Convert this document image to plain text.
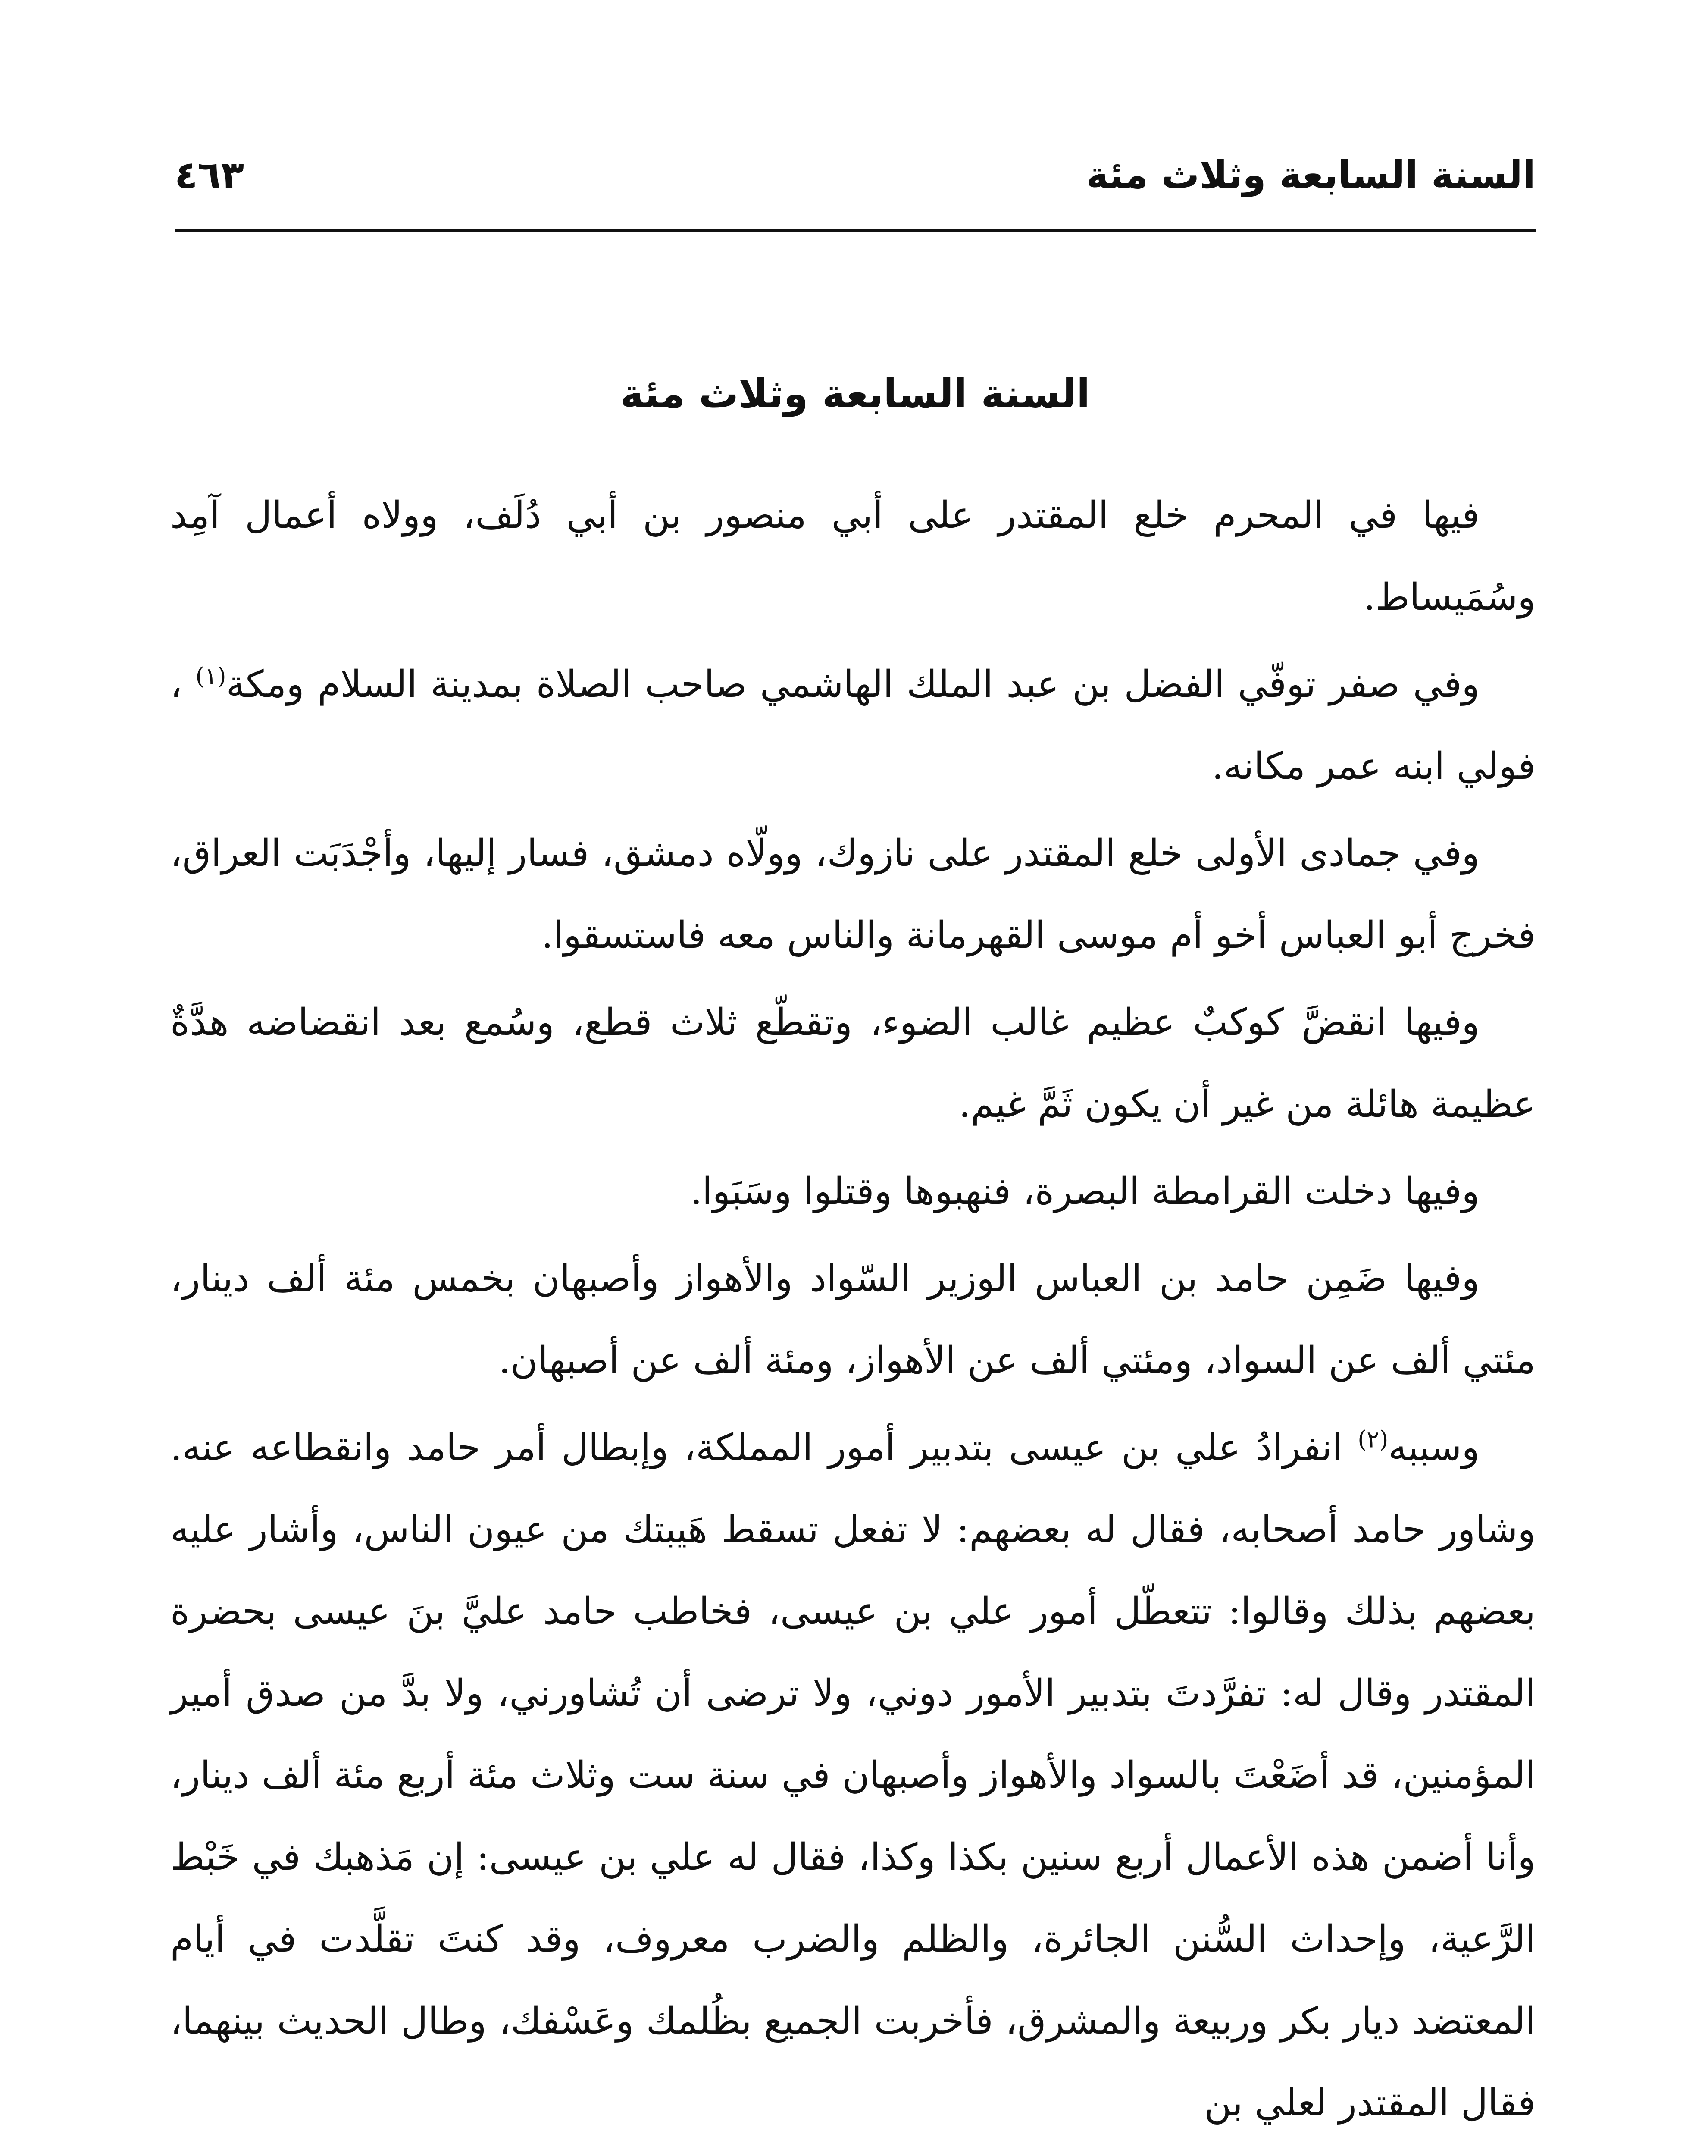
السنة السابعة وثلاث مئة
٤٦٣
السنة السابعة وثلاث مئة

فيها في المحرم خلع المقتدر على أبي منصور بن أبي دُلَف، وولاه أعمال آمِد وسُمَيساط.

وفي صفر توفّي الفضل بن عبد الملك الهاشمي صاحب الصلاة بمدينة السلام ومكة$^{(١)}$ ، فولي ابنه عمر مكانه.

وفي جمادى الأولى خلع المقتدر على نازوك، وولّاه دمشق، فسار إليها، وأجْدَبَت العراق، فخرج أبو العباس أخو أم موسى القهرمانة والناس معه فاستسقوا.

وفيها انقضَّ كوكبٌ عظيم غالب الضوء، وتقطّع ثلاث قطع، وسُمع بعد انقضاضه هدَّةٌ عظيمة هائلة من غير أن يكون ثَمَّ غيم.

وفيها دخلت القرامطة البصرة، فنهبوها وقتلوا وسَبَوا.

وفيها ضَمِن حامد بن العباس الوزير السّواد والأهواز وأصبهان بخمس مئة ألف دينار، مئتي ألف عن السواد، ومئتي ألف عن الأهواز، ومئة ألف عن أصبهان.

وسببه$^{(٢)}$ انفرادُ علي بن عيسى بتدبير أمور المملكة، وإبطال أمر حامد وانقطاعه عنه. وشاور حامد أصحابه، فقال له بعضهم: لا تفعل تسقط هَيبتك من عيون الناس، وأشار عليه بعضهم بذلك وقالوا: تتعطّل أمور علي بن عيسى، فخاطب حامد عليَّ بنَ عيسى بحضرة المقتدر وقال له: تفرَّدتَ بتدبير الأمور دوني، ولا ترضى أن تُشاورني، ولا بدَّ من صدق أمير المؤمنين، قد أضَعْتَ بالسواد والأهواز وأصبهان في سنة ست وثلاث مئة أربع مئة ألف دينار، وأنا أضمن هذه الأعمال أربع سنين بكذا وكذا، فقال له علي بن عيسى: إن مَذهبك في خَبْط الرَّعية، وإحداث السُّنن الجائرة، والظلم والضرب معروف، وقد كنتَ تقلَّدت في أيام المعتضد ديار بكر وربيعة والمشرق، فأخربت الجميع بظُلمك وعَسْفك، وطال الحديث بينهما، فقال المقتدر لعلي بن
